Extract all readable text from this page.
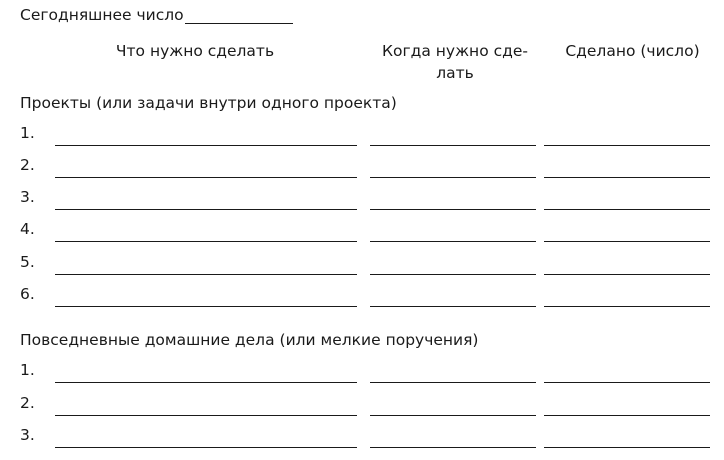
Сегодняшнее число
Что нужно сделать	Когда нужно сде-
лать
Сделано (число)
Проекты (или задачи внутри одного проекта)
1.
2.
3.
4.
5.
6.
Повседневные домашние дела (или мелкие поручения)
1.
2.
3.
